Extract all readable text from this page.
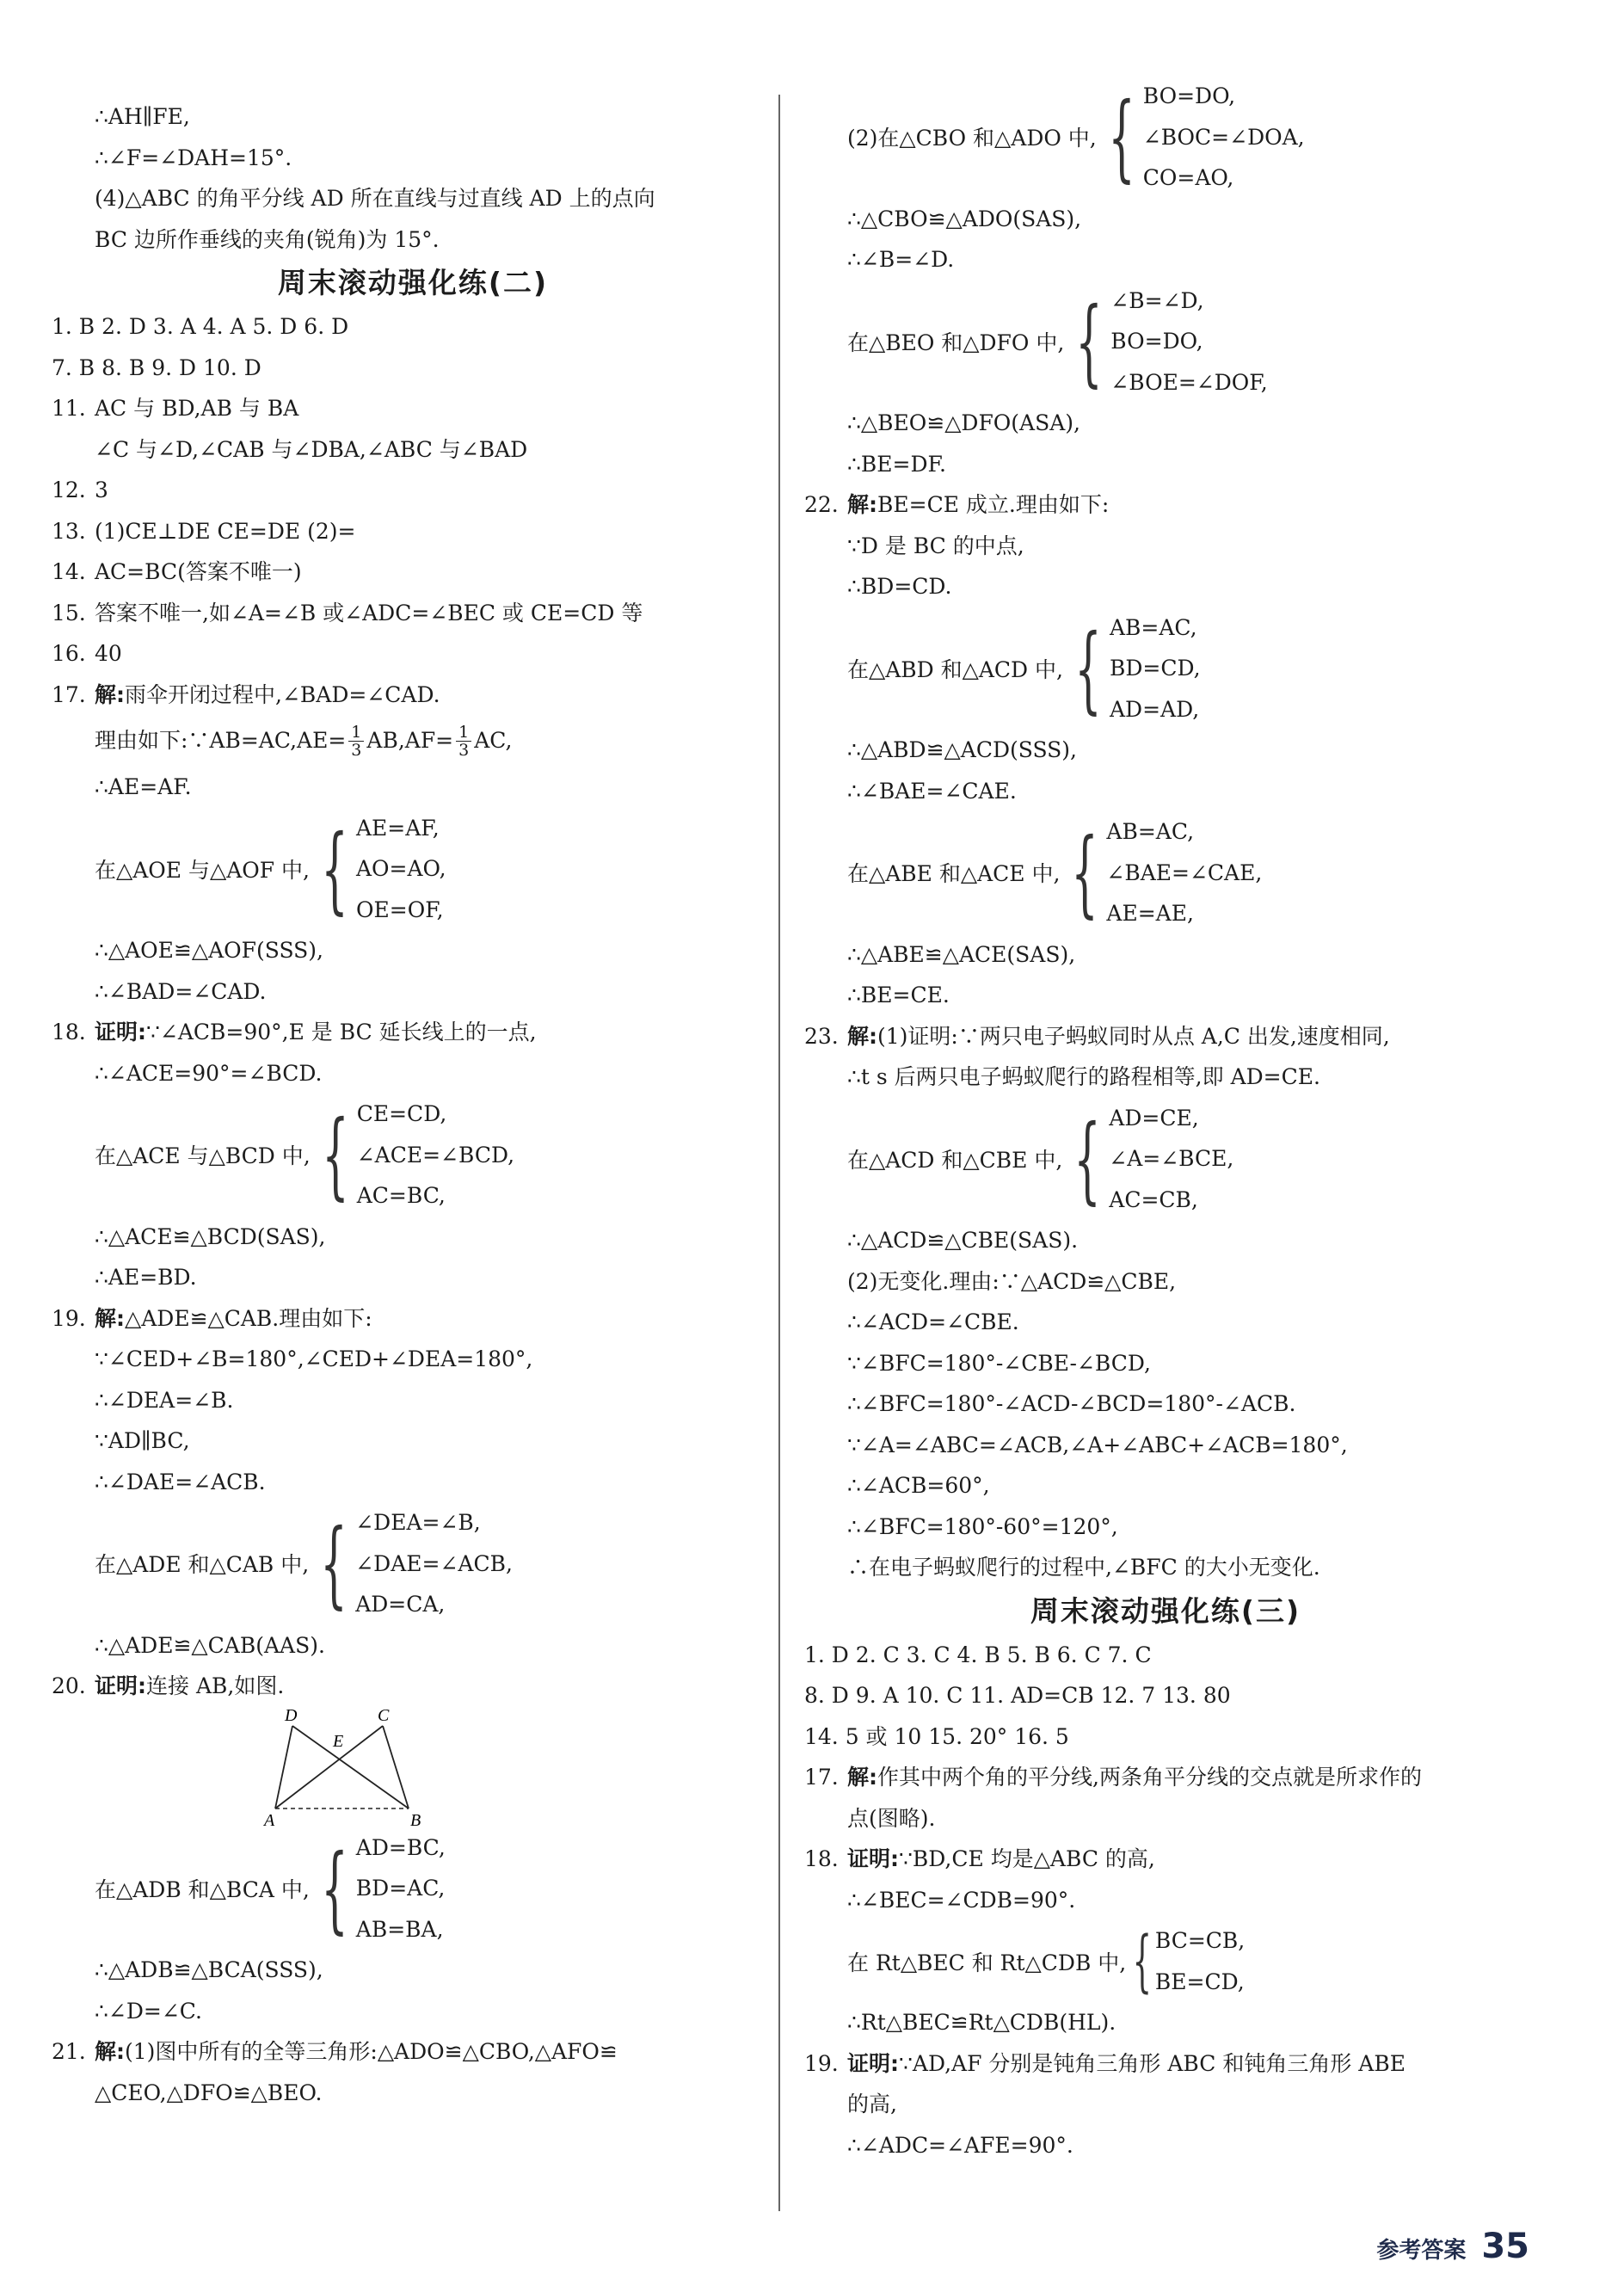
∴AH∥FE,
∴∠F=∠DAH=15°.
(4)△ABC 的角平分线 AD 所在直线与过直线 AD 上的点向
BC 边所作垂线的夹角(锐角)为 15°.
周末滚动强化练(二)
1. B 2. D 3. A 4. A 5. D 6. D
7. B 8. B 9. D 10. D
11. AC 与 BD,AB 与 BA
∠C 与∠D,∠CAB 与∠DBA,∠ABC 与∠BAD
12. 3
13. (1)CE⊥DE CE=DE (2)=
14. AC=BC(答案不唯一)
15. 答案不唯一,如∠A=∠B 或∠ADC=∠BEC 或 CE=CD 等
16. 40
17. 解: 雨伞开闭过程中,∠BAD=∠CAD.
理由如下:∵AB=AC,AE= $\frac{1}{3} AB,AF= \frac{1}{3}$ AC,
∴AE=AF.
在△AOE 与△AOF 中, { AE=AF,
AO=AO,
OE=OF,
∴△AOE≌△AOF(SSS),
∴∠BAD=∠CAD.
18. 证明: ∵∠ACB=90°,E 是 BC 延长线上的一点,
∴∠ACE=90°=∠BCD.
在△ACE 与△BCD 中, { CE=CD,
∠ACE=∠BCD,
AC=BC,
∴△ACE≌△BCD(SAS),
∴AE=BD.
19. 解: △ADE≌△CAB.理由如下:
∵∠CED+∠B=180°,∠CED+∠DEA=180°,
∴∠DEA=∠B.
∵AD∥BC,
∴∠DAE=∠ACB.
在△ADE 和△CAB 中, { ∠DEA=∠B,
∠DAE=∠ACB,
AD=CA,
∴△ADE≌△CAB(AAS).
20. 证明: 连接 AB,如图.
D	C
E
A	B
在△ADB 和△BCA 中, { AD=BC,
BD=AC,
AB=BA,
∴△ADB≌△BCA(SSS),
∴∠D=∠C.
21. 解: (1)图中所有的全等三角形:△ADO≌△CBO,△AFO≌
△CEO,△DFO≌△BEO.
(2)在△CBO 和△ADO 中, { BO=DO,
∠BOC=∠DOA,
CO=AO,
∴△CBO≌△ADO(SAS),
∴∠B=∠D.
在△BEO 和△DFO 中, { ∠B=∠D,
BO=DO,
∠BOE=∠DOF,
∴△BEO≌△DFO(ASA),
∴BE=DF.
22. 解: BE=CE 成立.理由如下:
∵D 是 BC 的中点,
∴BD=CD.
在△ABD 和△ACD 中, { AB=AC,
BD=CD,
AD=AD,
∴△ABD≌△ACD(SSS),
∴∠BAE=∠CAE.
在△ABE 和△ACE 中, { AB=AC,
∠BAE=∠CAE,
AE=AE,
∴△ABE≌△ACE(SAS),
∴BE=CE.
23. 解: (1)证明:∵两只电子蚂蚁同时从点 A,C 出发,速度相同,
∴t s 后两只电子蚂蚁爬行的路程相等,即 AD=CE.
在△ACD 和△CBE 中, { AD=CE,
∠A=∠BCE,
AC=CB,
∴△ACD≌△CBE(SAS).
(2)无变化.理由:∵△ACD≌△CBE,
∴∠ACD=∠CBE.
∵∠BFC=180°-∠CBE-∠BCD,
∴∠BFC=180°-∠ACD-∠BCD=180°-∠ACB.
∵∠A=∠ABC=∠ACB,∠A+∠ABC+∠ACB=180°,
∴∠ACB=60°,
∴∠BFC=180°-60°=120°,
∴在电子蚂蚁爬行的过程中,∠BFC 的大小无变化.
周末滚动强化练(三)
1. D 2. C 3. C 4. B 5. B 6. C 7. C
8. D 9. A 10. C 11. AD=CB 12. 7 13. 80
14. 5 或 10 15. 20° 16. 5
17. 解: 作其中两个角的平分线,两条角平分线的交点就是所求作的
点(图略).
18. 证明: ∵BD,CE 均是△ABC 的高,
∴∠BEC=∠CDB=90°.
在 Rt△BEC 和 Rt△CDB 中, { BC=CB,
BE=CD,
∴Rt△BEC≌Rt△CDB(HL).
19. 证明: ∵AD,AF 分别是钝角三角形 ABC 和钝角三角形 ABE
的高,
∴∠ADC=∠AFE=90°.
参考答案 35
